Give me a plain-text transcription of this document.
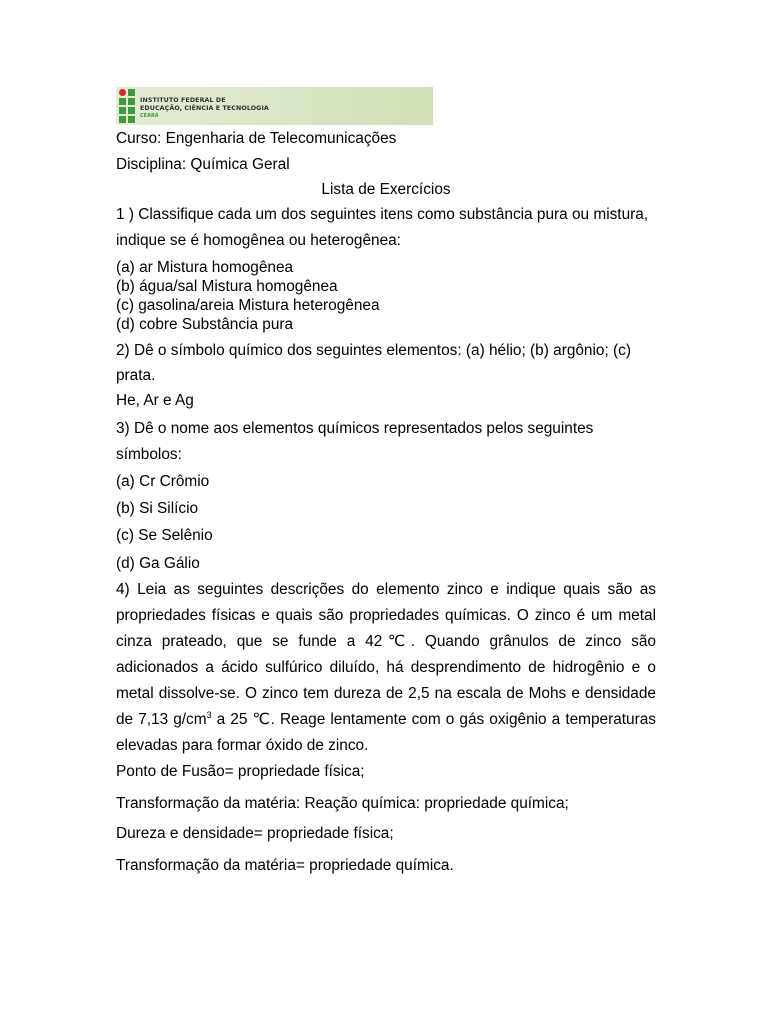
INSTITUTO FEDERAL DE
EDUCAÇÃO, CIÊNCIA E TECNOLOGIA
CEARÁ
Curso: Engenharia de Telecomunicações
Disciplina: Química Geral
Lista de Exercícios
1 ) Classifique cada um dos seguintes itens como substância pura ou mistura,
indique se é homogênea ou heterogênea:
(a) ar Mistura homogênea
(b) água/sal Mistura homogênea
(c) gasolina/areia Mistura heterogênea
(d) cobre Substância pura
2) Dê o símbolo químico dos seguintes elementos: (a) hélio; (b) argônio; (c)
prata.
He, Ar e Ag
3) Dê o nome aos elementos químicos representados pelos seguintes
símbolos:
(a) Cr Crômio
(b) Si Silício
(c) Se Selênio
(d) Ga Gálio
4) Leia as seguintes descrições do elemento zinco e indique quais são as
propriedades físicas e quais são propriedades químicas. O zinco é um metal
cinza prateado, que se funde a 42℃. Quando grânulos de zinco são
adicionados a ácido sulfúrico diluído, há desprendimento de hidrogênio e o
metal dissolve-se. O zinco tem dureza de 2,5 na escala de Mohs e densidade
de 7,13 $g/cm^3$ a 25 ℃. Reage lentamente com o gás oxigênio a temperaturas
elevadas para formar óxido de zinco.
Ponto de Fusão= propriedade física;
Transformação da matéria: Reação química: propriedade química;
Dureza e densidade= propriedade física;
Transformação da matéria= propriedade química.
